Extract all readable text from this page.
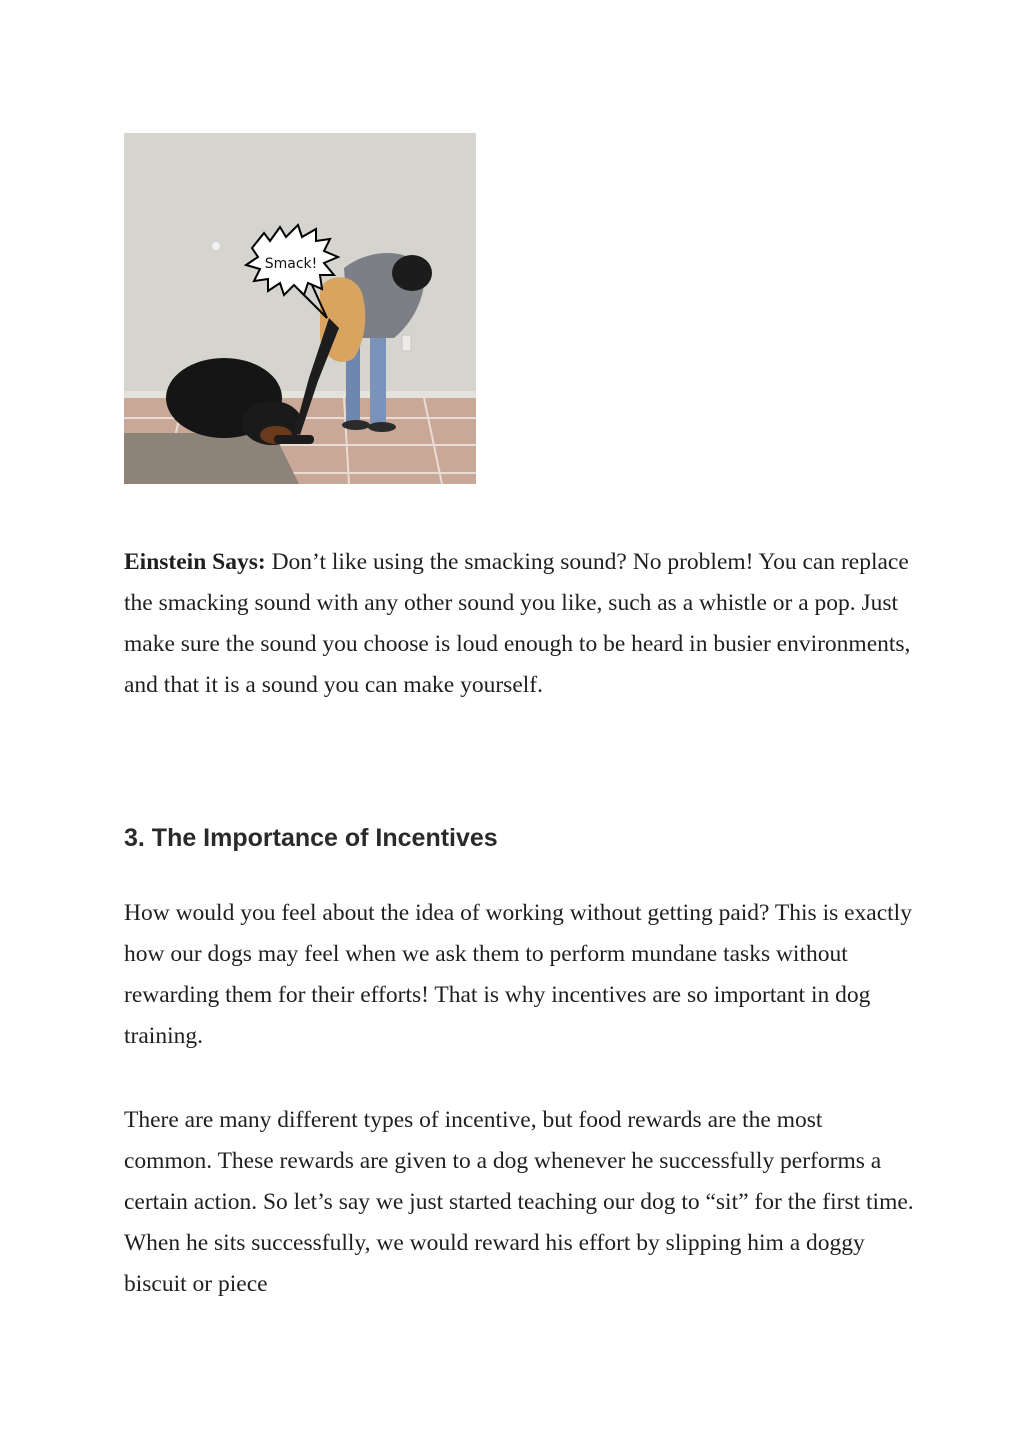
Smack!

Einstein Says: Don’t like using the smacking sound? No problem! You can replace the smacking sound with any other sound you like, such as a whistle or a pop. Just make sure the sound you choose is loud enough to be heard in busier environments, and that it is a sound you can make yourself.

3. The Importance of Incentives

How would you feel about the idea of working without getting paid? This is exactly how our dogs may feel when we ask them to perform mundane tasks without rewarding them for their efforts! That is why incentives are so important in dog training.

There are many different types of incentive, but food rewards are the most common. These rewards are given to a dog whenever he successfully performs a certain action. So let’s say we just started teaching our dog to “sit” for the first time. When he sits successfully, we would reward his effort by slipping him a doggy biscuit or piece
